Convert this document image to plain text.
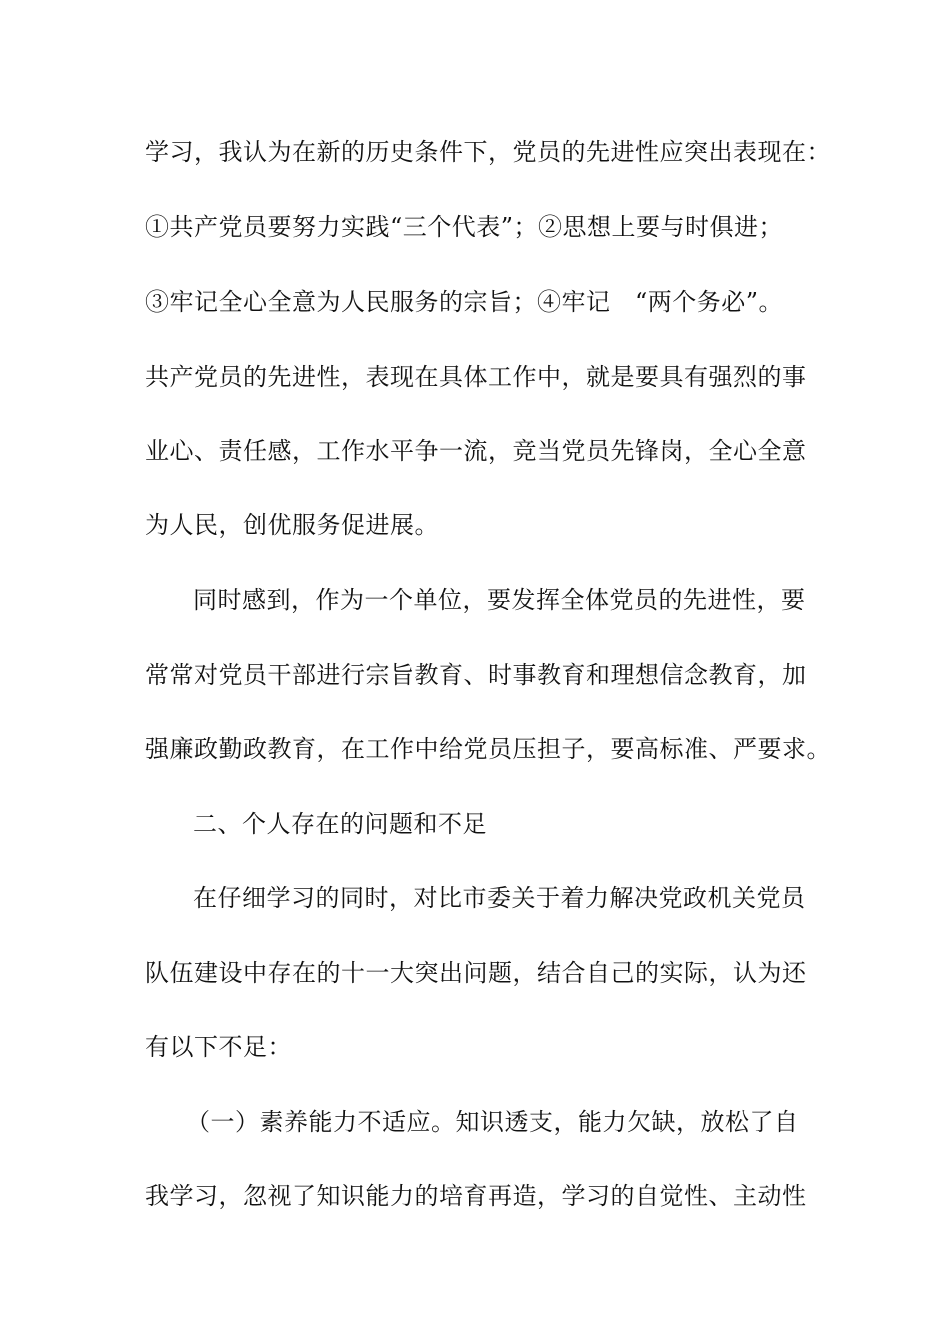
学习，我认为在新的历史条件下，党员的先进性应突出表现在：
①共产党员要努力实践“三个代表”；②思想上要与时俱进；
③牢记全心全意为人民服务的宗旨；④牢记　“两个务必”。
共产党员的先进性，表现在具体工作中，就是要具有强烈的事
业心、责任感，工作水平争一流，竞当党员先锋岗，全心全意
为人民，创优服务促进展。
同时感到，作为一个单位，要发挥全体党员的先进性，要
常常对党员干部进行宗旨教育、时事教育和理想信念教育，加
强廉政勤政教育，在工作中给党员压担子，要高标准、严要求。
二、个人存在的问题和不足
在仔细学习的同时，对比市委关于着力解决党政机关党员
队伍建设中存在的十一大突出问题，结合自己的实际，认为还
有以下不足：
（一）素养能力不适应。知识透支，能力欠缺，放松了自
我学习，忽视了知识能力的培育再造，学习的自觉性、主动性
